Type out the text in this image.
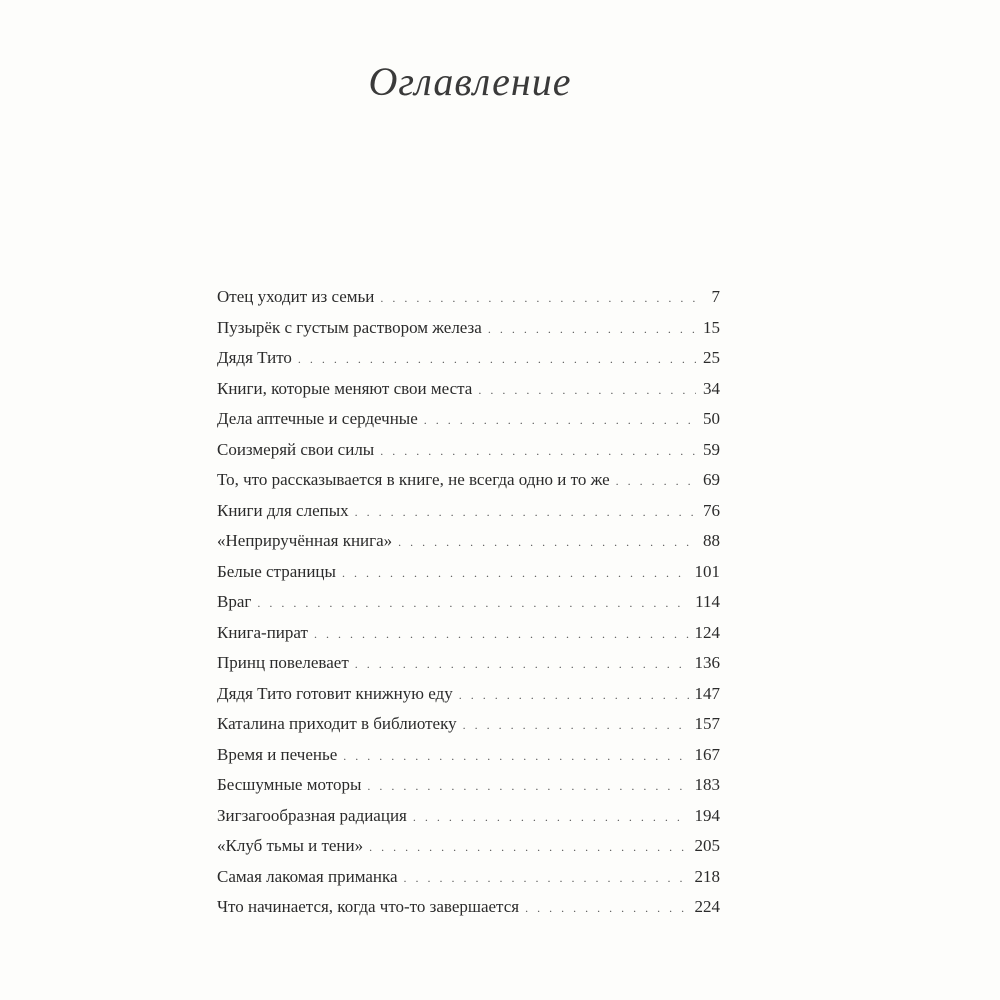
Оглавление
Отец уходит из семьи . . .	7
Пузырёк с густым раствором железа . . .	15
Дядя Тито . . .	25
Книги, которые меняют свои места . . .	34
Дела аптечные и сердечные . . .	50
Соизмеряй свои силы . . .	59
То, что рассказывается в книге, не всегда одно и то же . . .	69
Книги для слепых . . .	76
«Неприручённая книга» . . .	88
Белые страницы . . .	101
Враг . . .	114
Книга-пират . . .	124
Принц повелевает . . .	136
Дядя Тито готовит книжную еду . . .	147
Каталина приходит в библиотеку . . .	157
Время и печенье . . .	167
Бесшумные моторы . . .	183
Зигзагообразная радиация . . .	194
«Клуб тьмы и тени» . . .	205
Самая лакомая приманка . . .	218
Что начинается, когда что-то завершается . . .	224
